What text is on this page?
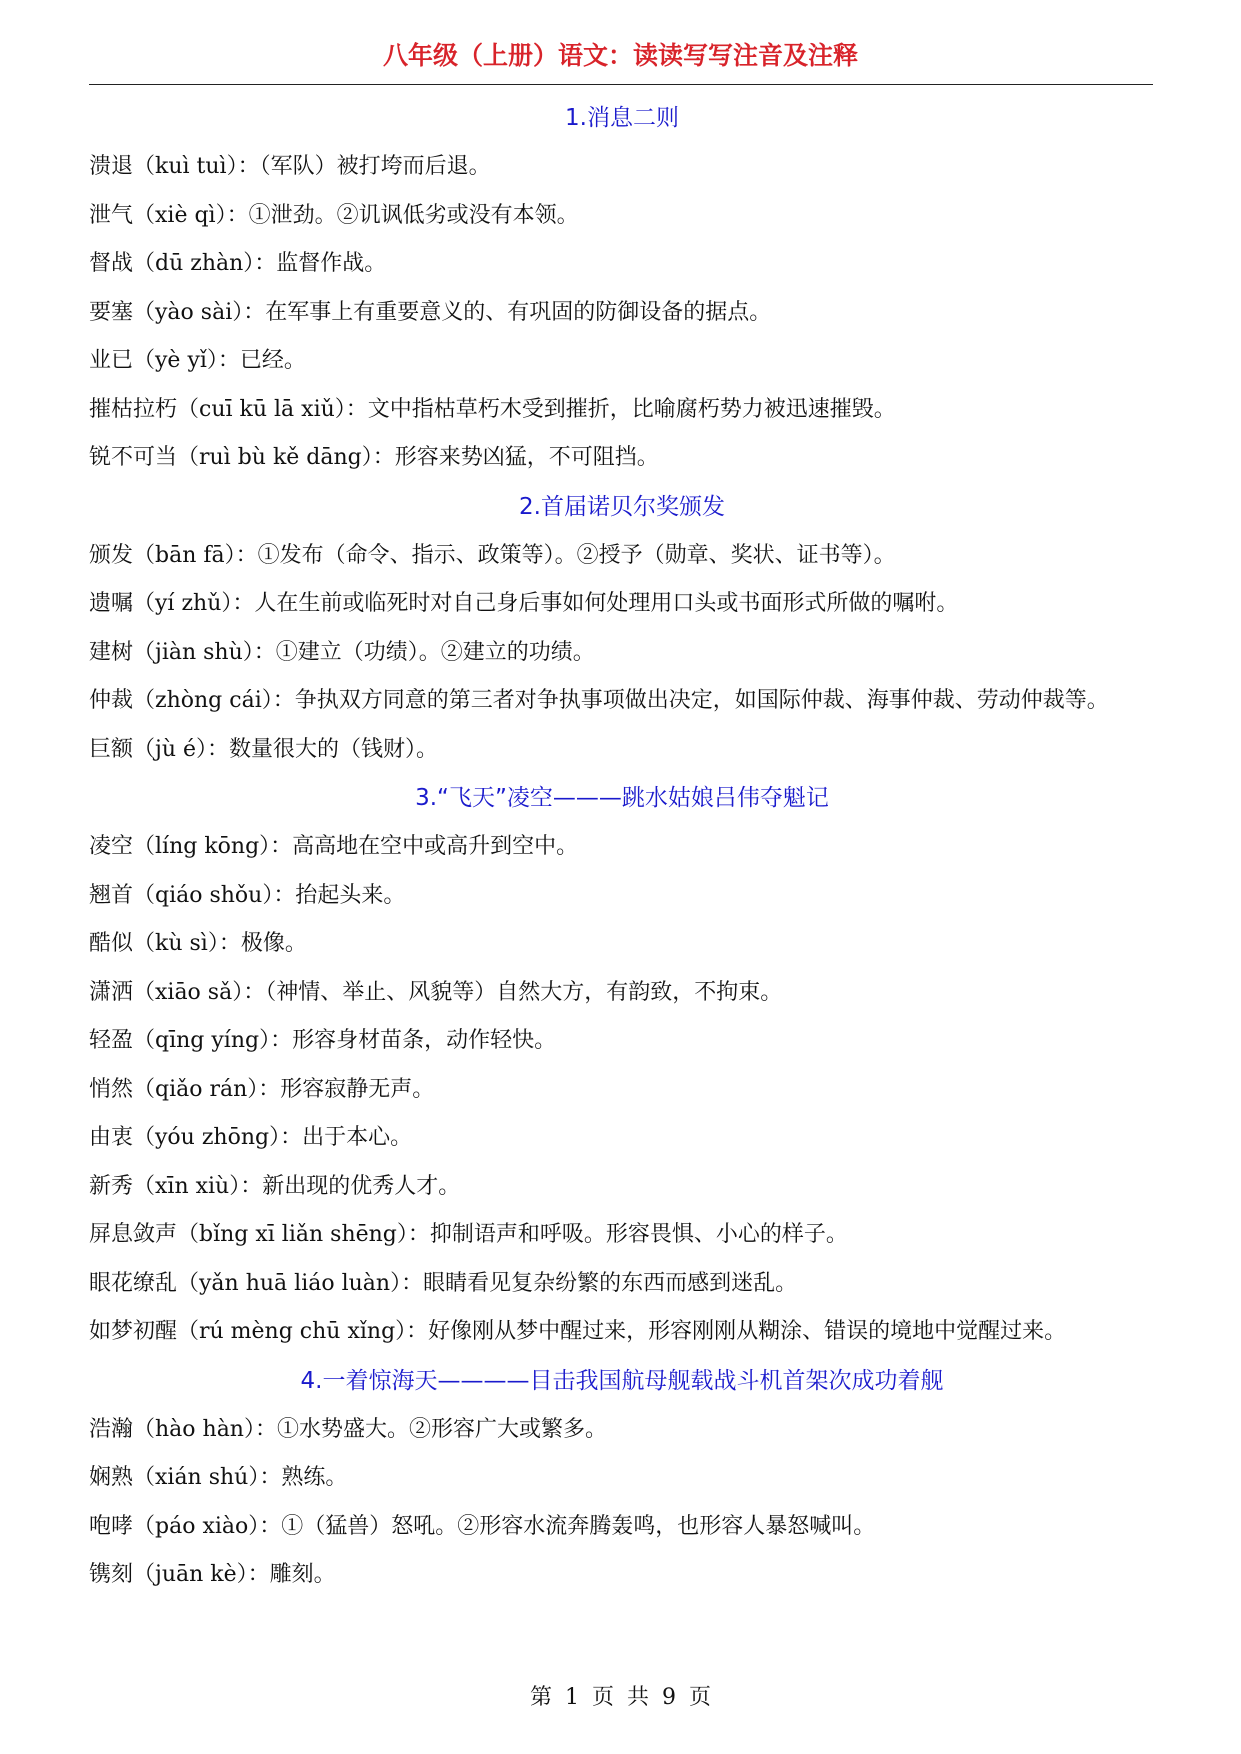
八年级（上册）语文：读读写写注音及注释
1.消息二则
溃退（kuì tuì）：（军队）被打垮而后退。
泄气（xiè qì）：①泄劲。②讥讽低劣或没有本领。
督战（dū zhàn）：监督作战。
要塞（yào sài）：在军事上有重要意义的、有巩固的防御设备的据点。
业已（yè yǐ）：已经。
摧枯拉朽（cuī kū lā xiǔ）：文中指枯草朽木受到摧折，比喻腐朽势力被迅速摧毁。
锐不可当（ruì bù kě dāng）：形容来势凶猛，不可阻挡。
2.首届诺贝尔奖颁发
颁发（bān fā）：①发布（命令、指示、政策等）。②授予（勋章、奖状、证书等）。
遗嘱（yí zhǔ）：人在生前或临死时对自己身后事如何处理用口头或书面形式所做的嘱咐。
建树（jiàn shù）：①建立（功绩）。②建立的功绩。
仲裁（zhòng cái）：争执双方同意的第三者对争执事项做出决定，如国际仲裁、海事仲裁、劳动仲裁等。
巨额（jù é）：数量很大的（钱财）。
3.“飞天”凌空———跳水姑娘吕伟夺魁记
凌空（líng kōng）：高高地在空中或高升到空中。
翘首（qiáo shǒu）：抬起头来。
酷似（kù sì）：极像。
潇洒（xiāo sǎ）：（神情、举止、风貌等）自然大方，有韵致，不拘束。
轻盈（qīng yíng）：形容身材苗条，动作轻快。
悄然（qiǎo rán）：形容寂静无声。
由衷（yóu zhōng）：出于本心。
新秀（xīn xiù）：新出现的优秀人才。
屏息敛声（bǐng xī liǎn shēng）：抑制语声和呼吸。形容畏惧、小心的样子。
眼花缭乱（yǎn huā liáo luàn）：眼睛看见复杂纷繁的东西而感到迷乱。
如梦初醒（rú mèng chū xǐng）：好像刚从梦中醒过来，形容刚刚从糊涂、错误的境地中觉醒过来。
4.一着惊海天————目击我国航母舰载战斗机首架次成功着舰
浩瀚（hào hàn）：①水势盛大。②形容广大或繁多。
娴熟（xián shú）：熟练。
咆哮（páo xiào）：①（猛兽）怒吼。②形容水流奔腾轰鸣，也形容人暴怒喊叫。
镌刻（juān kè）：雕刻。
第 1 页 共 9 页
